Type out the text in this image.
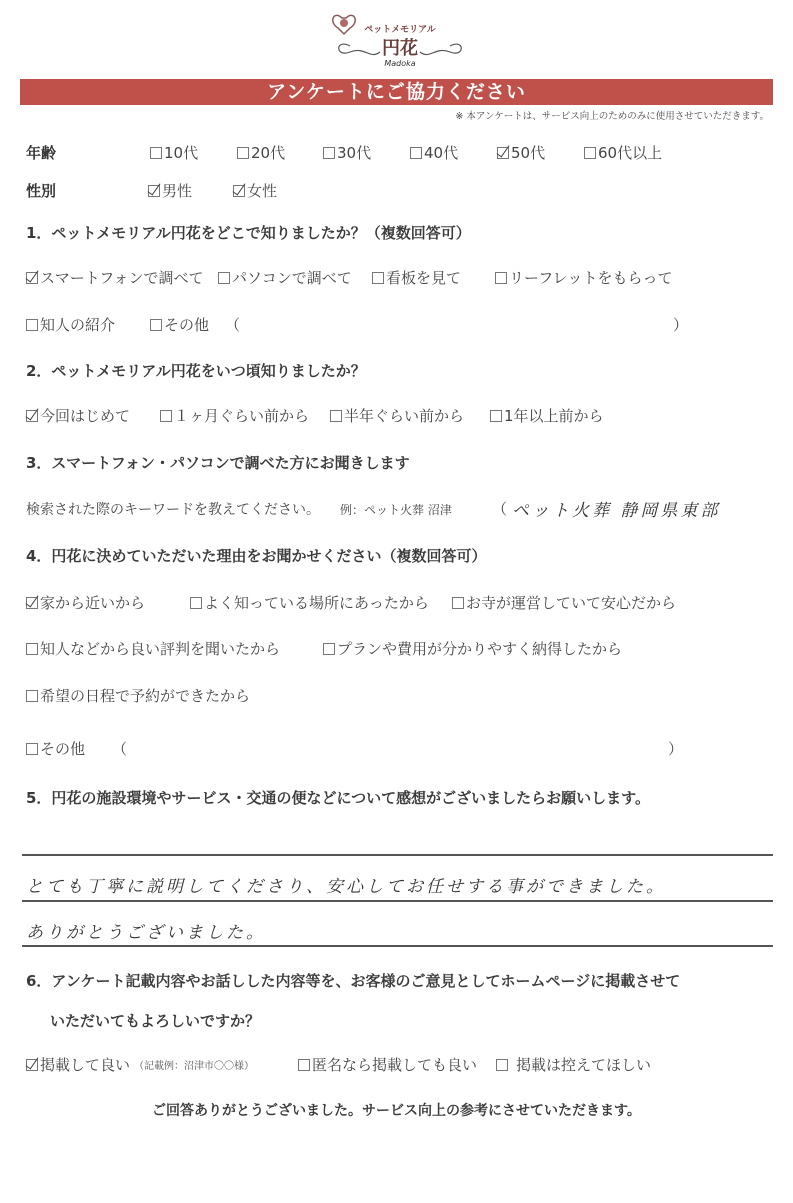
ペットメモリアル
円花
Madoka
アンケートにご協力ください
※ 本アンケートは、サービス向上のためのみに使用させていただきます。
年齢	10代	20代	30代	40代	50代	60代以上
性別	男性	女性
1．ペットメモリアル円花をどこで知りましたか？（複数回答可）
スマートフォンで調べて パソコンで調べて 看板を見て	リーフレットをもらって
知人の紹介	その他 （	）
2．ペットメモリアル円花をいつ頃知りましたか？
今回はじめて	１ヶ月ぐらい前から 半年ぐらい前から	1年以上前から
3．スマートフォン・パソコンで調べた方にお聞きします
検索された際のキーワードを教えてください。 例：ペット火葬 沼津	（ ペット火葬 静岡県東部
4．円花に決めていただいた理由をお聞かせください（複数回答可）
家から近いから	よく知っている場所にあったから お寺が運営していて安心だから
知人などから良い評判を聞いたから	プランや費用が分かりやすく納得したから
希望の日程で予約ができたから
その他 （	）
5．円花の施設環境やサービス・交通の便などについて感想がございましたらお願いします。
とても丁寧に説明してくださり、安心してお任せする事ができました。
ありがとうございました。
6．アンケート記載内容やお話しした内容等を、お客様のご意見としてホームページに掲載させて
いただいてもよろしいですか？
掲載して良い （記載例：沼津市〇〇様）	匿名なら掲載しても良い	掲載は控えてほしい
ご回答ありがとうございました。サービス向上の参考にさせていただきます。
